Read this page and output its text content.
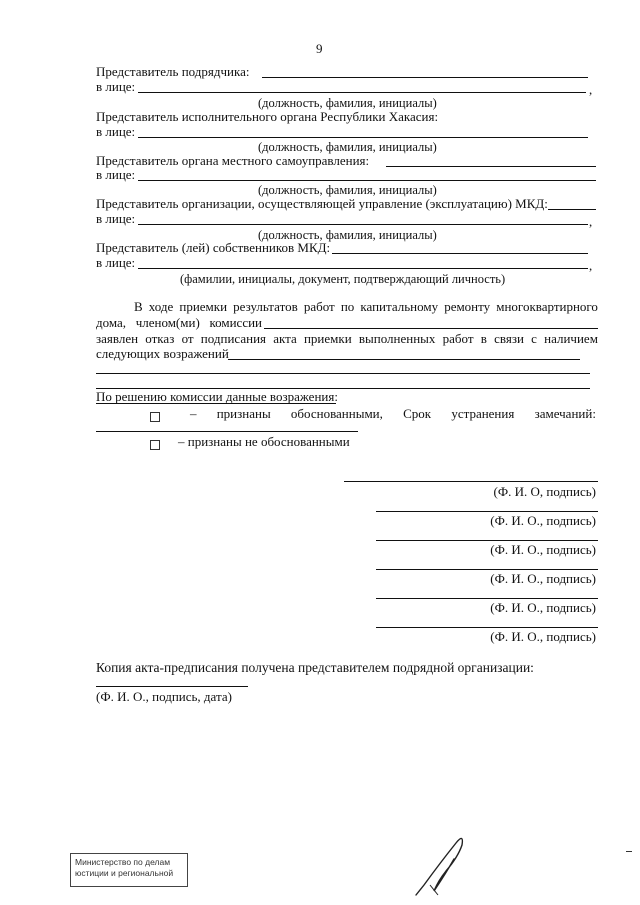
9
Представитель подрядчика:
в лице:	,
(должность, фамилия, инициалы)
Представитель исполнительного органа Республики Хакасия:
в лице:
(должность, фамилия, инициалы)
Представитель органа местного самоуправления:
в лице:
(должность, фамилия, инициалы)
Представитель организации, осуществляющей управление (эксплуатацию) МКД:
в лице:	,
(должность, фамилия, инициалы)
Представитель (лей) собственников МКД:
в лице:	,
(фамилии, инициалы, документ, подтверждающий личность)
В ходе приемки результатов работ по капитальному ремонту многоквартирного
дома, членом(ми) комиссии
заявлен отказ от подписания акта приемки выполненных работ в связи с наличием
следующих возражений
По решению комиссии данные возражения:
– признаны обоснованными, Срок устранения замечаний:
– признаны не обоснованными
(Ф. И. О, подпись)
(Ф. И. О., подпись)
(Ф. И. О., подпись)
(Ф. И. О., подпись)
(Ф. И. О., подпись)
(Ф. И. О., подпись)
Копия акта-предписания получена представителем подрядной организации:
(Ф. И. О., подпись, дата)
Министерство по делам
юстиции и региональной
